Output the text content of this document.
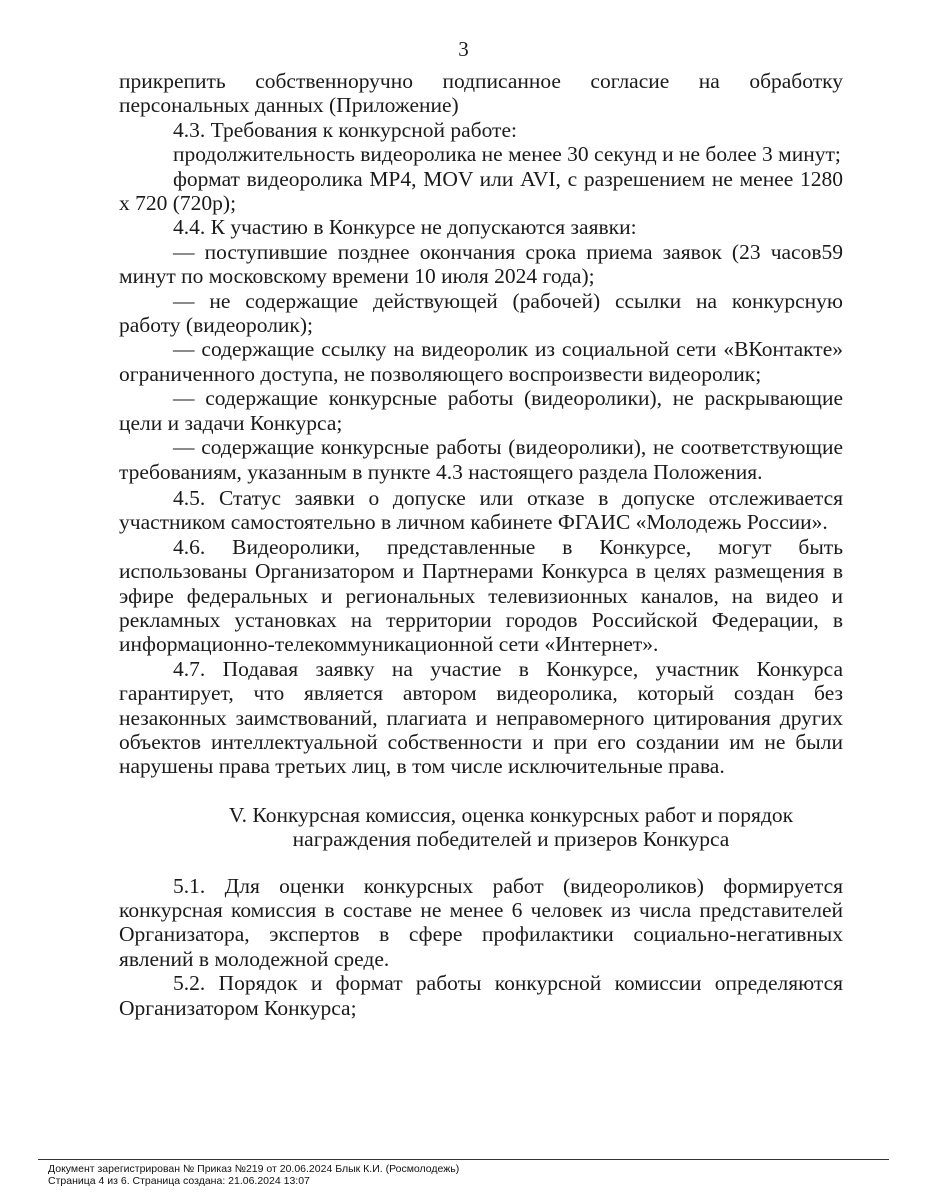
3

прикрепить собственноручно подписанное согласие на обработку персональных данных (Приложение)

4.3. Требования к конкурсной работе:

продолжительность видеоролика не менее 30 секунд и не более 3 минут;

формат видеоролика MP4, MOV или AVI, с разрешением не менее 1280 х 720 (720р);

4.4. К участию в Конкурсе не допускаются заявки:

— поступившие позднее окончания срока приема заявок (23 часов59 минут по московскому времени 10 июля 2024 года);

— не содержащие действующей (рабочей) ссылки на конкурсную работу (видеоролик);

— содержащие ссылку на видеоролик из социальной сети «ВКонтакте» ограниченного доступа, не позволяющего воспроизвести видеоролик;

— содержащие конкурсные работы (видеоролики), не раскрывающие цели и задачи Конкурса;

— содержащие конкурсные работы (видеоролики), не соответствующие требованиям, указанным в пункте 4.3 настоящего раздела Положения.

4.5. Статус заявки о допуске или отказе в допуске отслеживается участником самостоятельно в личном кабинете ФГАИС «Молодежь России».

4.6. Видеоролики, представленные в Конкурсе, могут быть использованы Организатором и Партнерами Конкурса в целях размещения в эфире федеральных и региональных телевизионных каналов, на видео и рекламных установках на территории городов Российской Федерации, в информационно-телекоммуникационной сети «Интернет».

4.7. Подавая заявку на участие в Конкурсе, участник Конкурса гарантирует, что является автором видеоролика, который создан без незаконных заимствований, плагиата и неправомерного цитирования других объектов интеллектуальной собственности и при его создании им не были нарушены права третьих лиц, в том числе исключительные права.

V. Конкурсная комиссия, оценка конкурсных работ и порядок
награждения победителей и призеров Конкурса

5.1. Для оценки конкурсных работ (видеороликов) формируется конкурсная комиссия в составе не менее 6 человек из числа представителей Организатора, экспертов в сфере профилактики социально-негативных явлений в молодежной среде.

5.2. Порядок и формат работы конкурсной комиссии определяются Организатором Конкурса;

Документ зарегистрирован № Приказ №219 от 20.06.2024 Блык К.И. (Росмолодежь)
Страница 4 из 6. Страница создана: 21.06.2024 13:07
